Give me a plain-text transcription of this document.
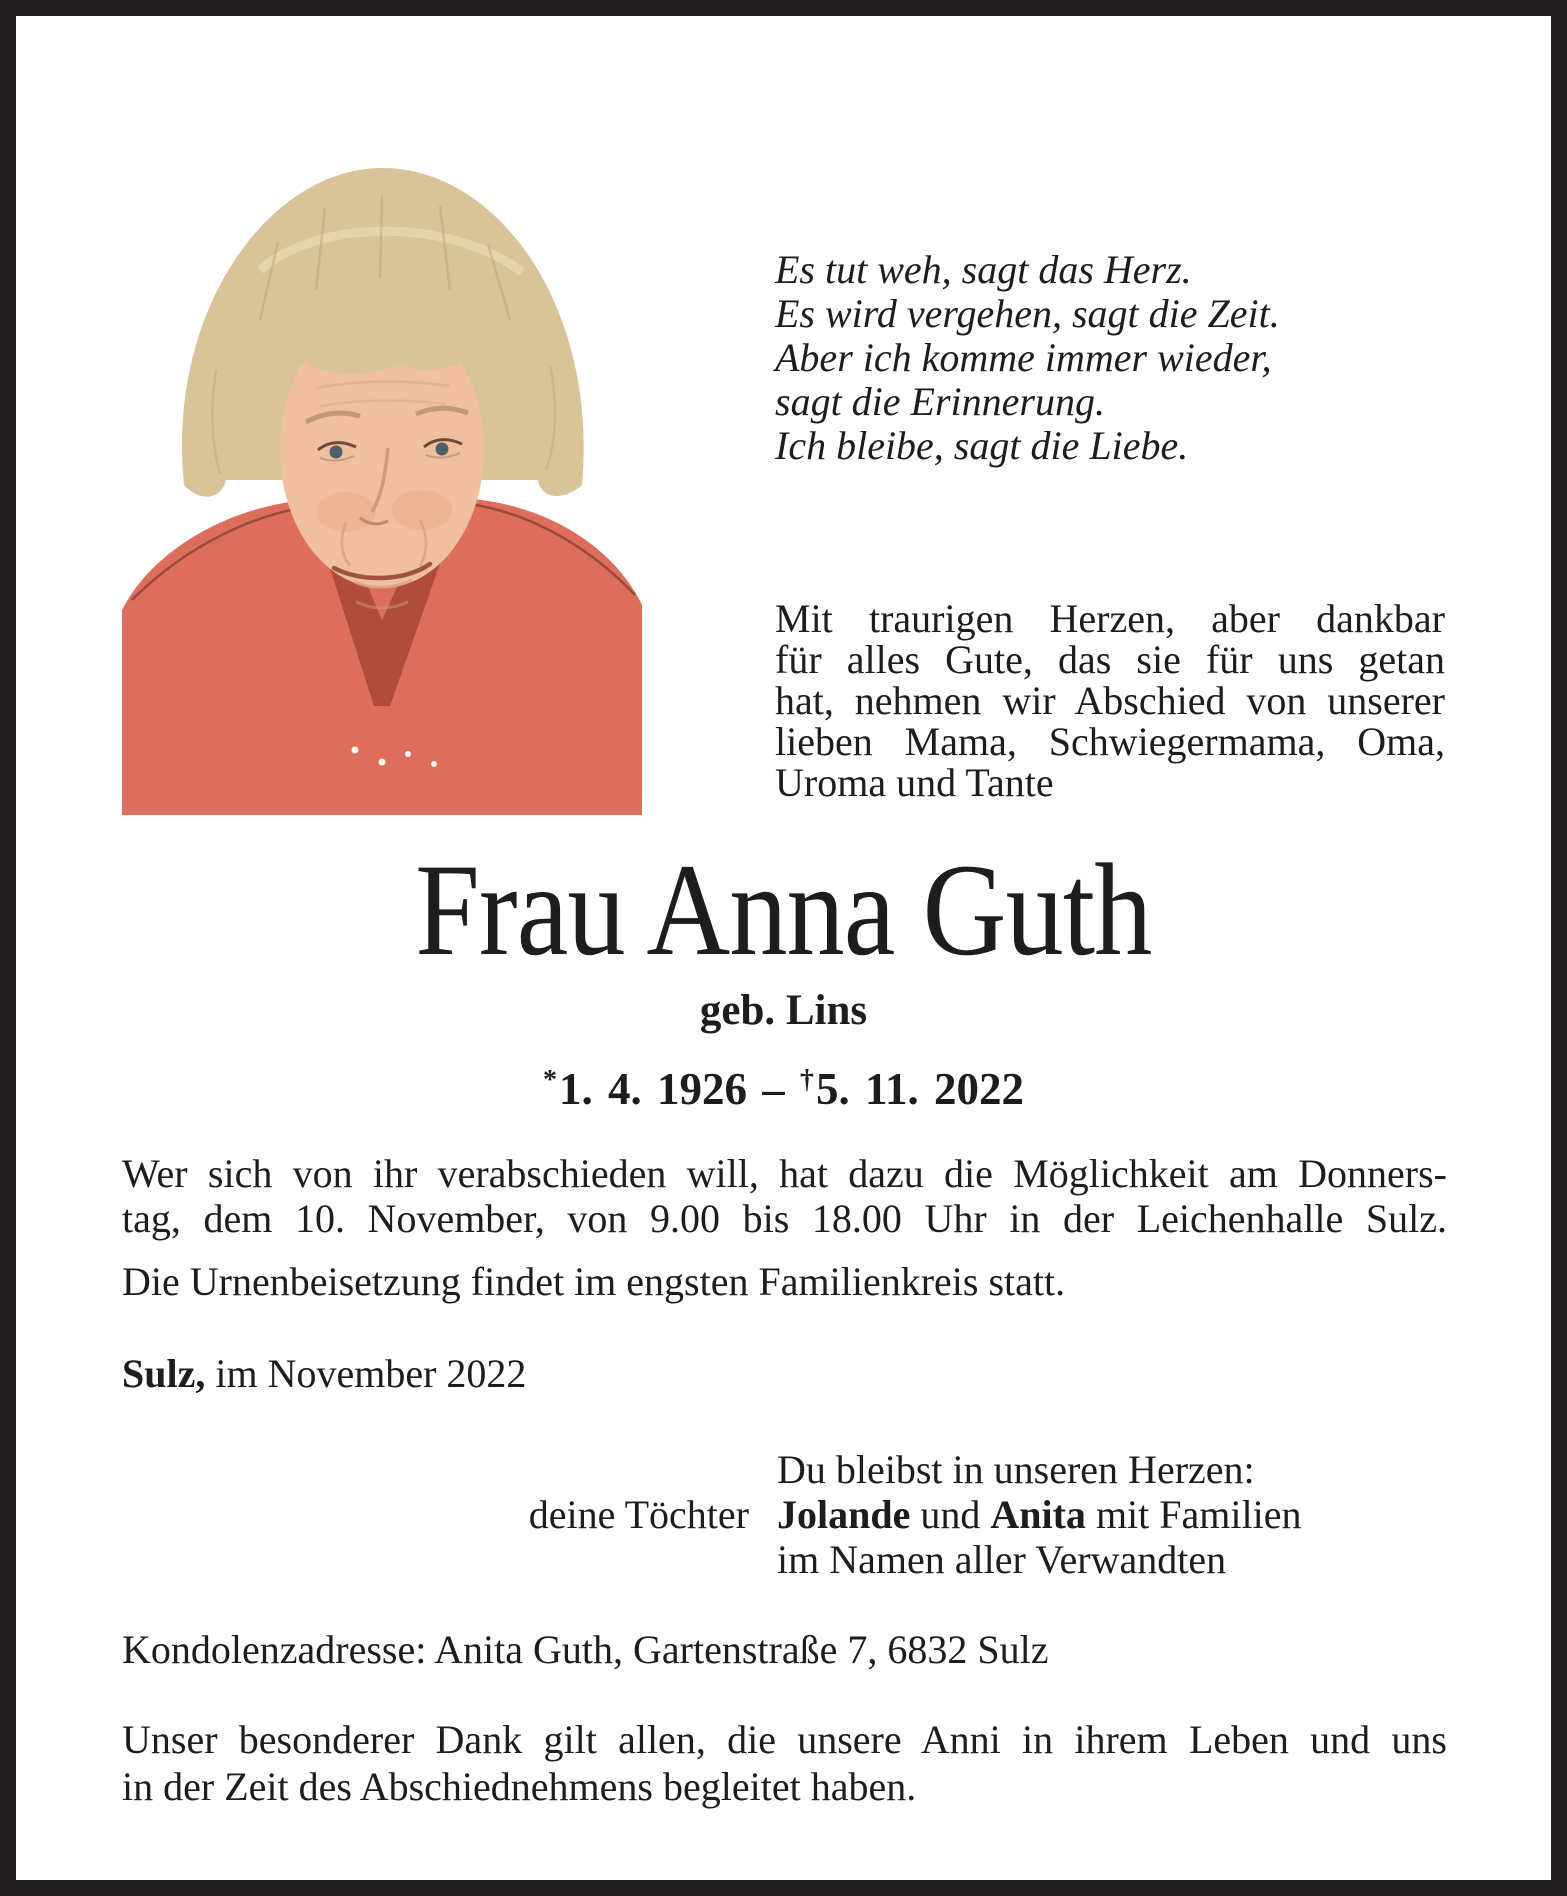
Es tut weh, sagt das Herz.
Es wird vergehen, sagt die Zeit.
Aber ich komme immer wieder,
sagt die Erinnerung.
Ich bleibe, sagt die Liebe.
Mit traurigen Herzen, aber dankbar
für alles Gute, das sie für uns getan
hat, nehmen wir Abschied von unserer
lieben Mama, Schwiegermama, Oma,
Uroma und Tante
Frau Anna Guth
geb. Lins
*1. 4. 1926 – †5. 11. 2022
Wer sich von ihr verabschieden will, hat dazu die Möglichkeit am Donners-
tag, dem 10. November, von 9.00 bis 18.00 Uhr in der Leichenhalle Sulz.
Die Urnenbeisetzung findet im engsten Familienkreis statt.
Sulz, im November 2022
Du bleibst in unseren Herzen:
deine Töchter Jolande und Anita mit Familien
im Namen aller Verwandten
Kondolenzadresse: Anita Guth, Gartenstraße 7, 6832 Sulz
Unser besonderer Dank gilt allen, die unsere Anni in ihrem Leben und uns
in der Zeit des Abschiednehmens begleitet haben.
